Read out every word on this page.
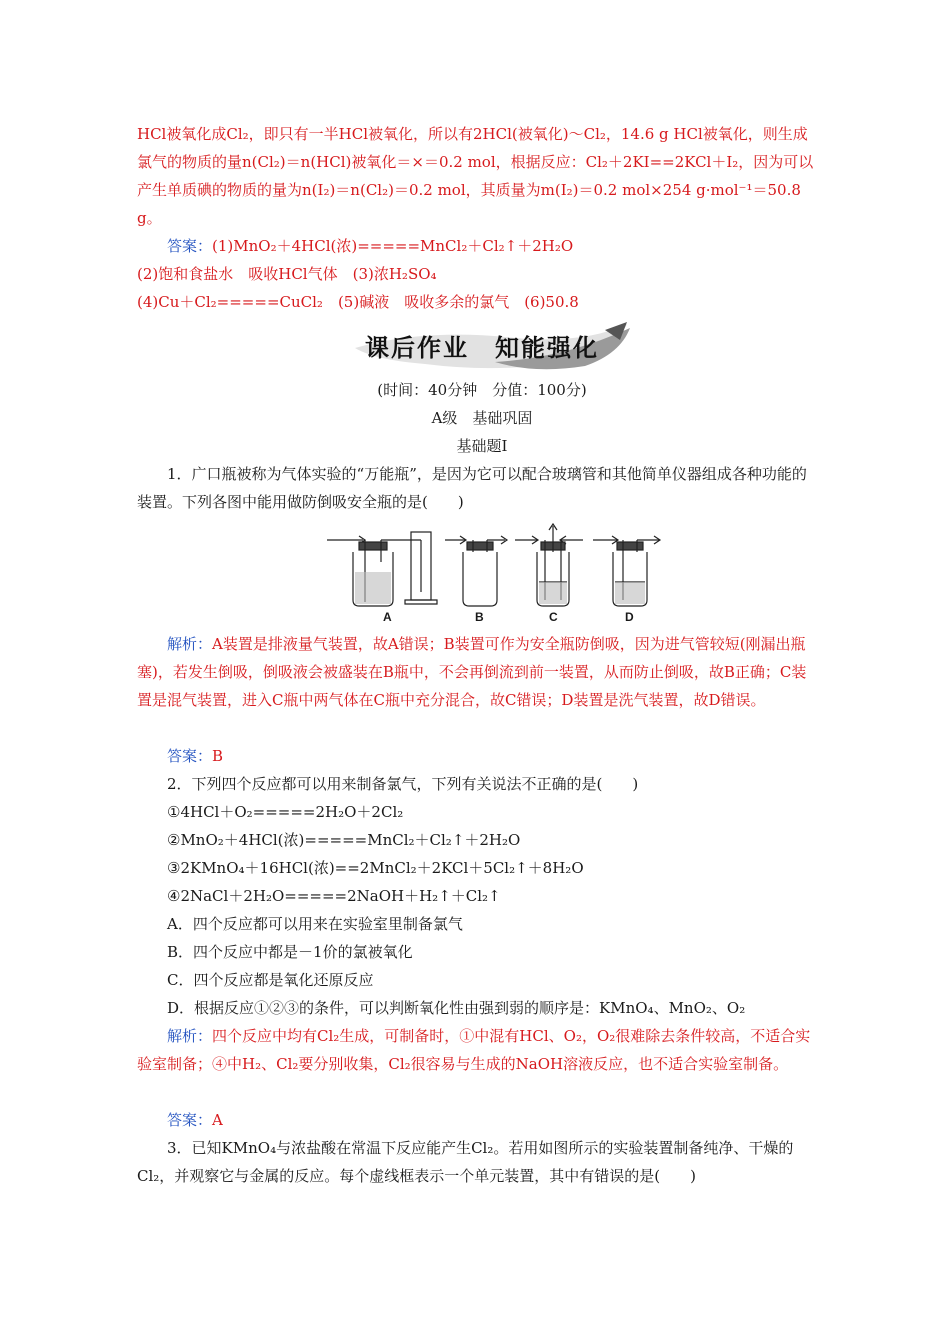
HCl被氧化成Cl₂，即只有一半HCl被氧化，所以有2HCl(被氧化)～Cl₂，14.6 g HCl被氧化，则生成氯气的物质的量n(Cl₂)＝n(HCl)被氧化＝×＝0.2 mol，根据反应：Cl₂＋2KI==2KCl＋I₂，因为可以产生单质碘的物质的量为n(I₂)＝n(Cl₂)＝0.2 mol，其质量为m(I₂)＝0.2 mol×254 g·mol⁻¹＝50.8 g。

答案：(1)MnO₂＋4HCl(浓)=====MnCl₂＋Cl₂↑＋2H₂O
(2)饱和食盐水　吸收HCl气体　(3)浓H₂SO₄
(4)Cu＋Cl₂=====CuCl₂　(5)碱液　吸收多余的氯气　(6)50.8
课后作业　知能强化
(时间：40分钟　分值：100分)
A级　基础巩固
基础题Ⅰ

1．广口瓶被称为气体实验的“万能瓶”，是因为它可以配合玻璃管和其他简单仪器组成各种功能的装置。下列各图中能用做防倒吸安全瓶的是(　　)

A	B	C	D

解析：A装置是排液量气装置，故A错误；B装置可作为安全瓶防倒吸，因为进气管较短(刚漏出瓶塞)，若发生倒吸，倒吸液会被盛装在B瓶中，不会再倒流到前一装置，从而防止倒吸，故B正确；C装置是混气装置，进入C瓶中两气体在C瓶中充分混合，故C错误；D装置是洗气装置，故D错误。

答案：B
2．下列四个反应都可以用来制备氯气，下列有关说法不正确的是(　　)
①4HCl＋O₂=====2H₂O＋2Cl₂
②MnO₂＋4HCl(浓)=====MnCl₂＋Cl₂↑＋2H₂O
③2KMnO₄＋16HCl(浓)==2MnCl₂＋2KCl＋5Cl₂↑＋8H₂O
④2NaCl＋2H₂O=====2NaOH＋H₂↑＋Cl₂↑
A．四个反应都可以用来在实验室里制备氯气
B．四个反应中都是－1价的氯被氧化
C．四个反应都是氧化还原反应
D．根据反应①②③的条件，可以判断氧化性由强到弱的顺序是：KMnO₄、MnO₂、O₂

解析：四个反应中均有Cl₂生成，可制备时，①中混有HCl、O₂，O₂很难除去条件较高，不适合实验室制备；④中H₂、Cl₂要分别收集，Cl₂很容易与生成的NaOH溶液反应，也不适合实验室制备。

答案：A

3．已知KMnO₄与浓盐酸在常温下反应能产生Cl₂。若用如图所示的实验装置制备纯净、干燥的Cl₂，并观察它与金属的反应。每个虚线框表示一个单元装置，其中有错误的是(　　)
